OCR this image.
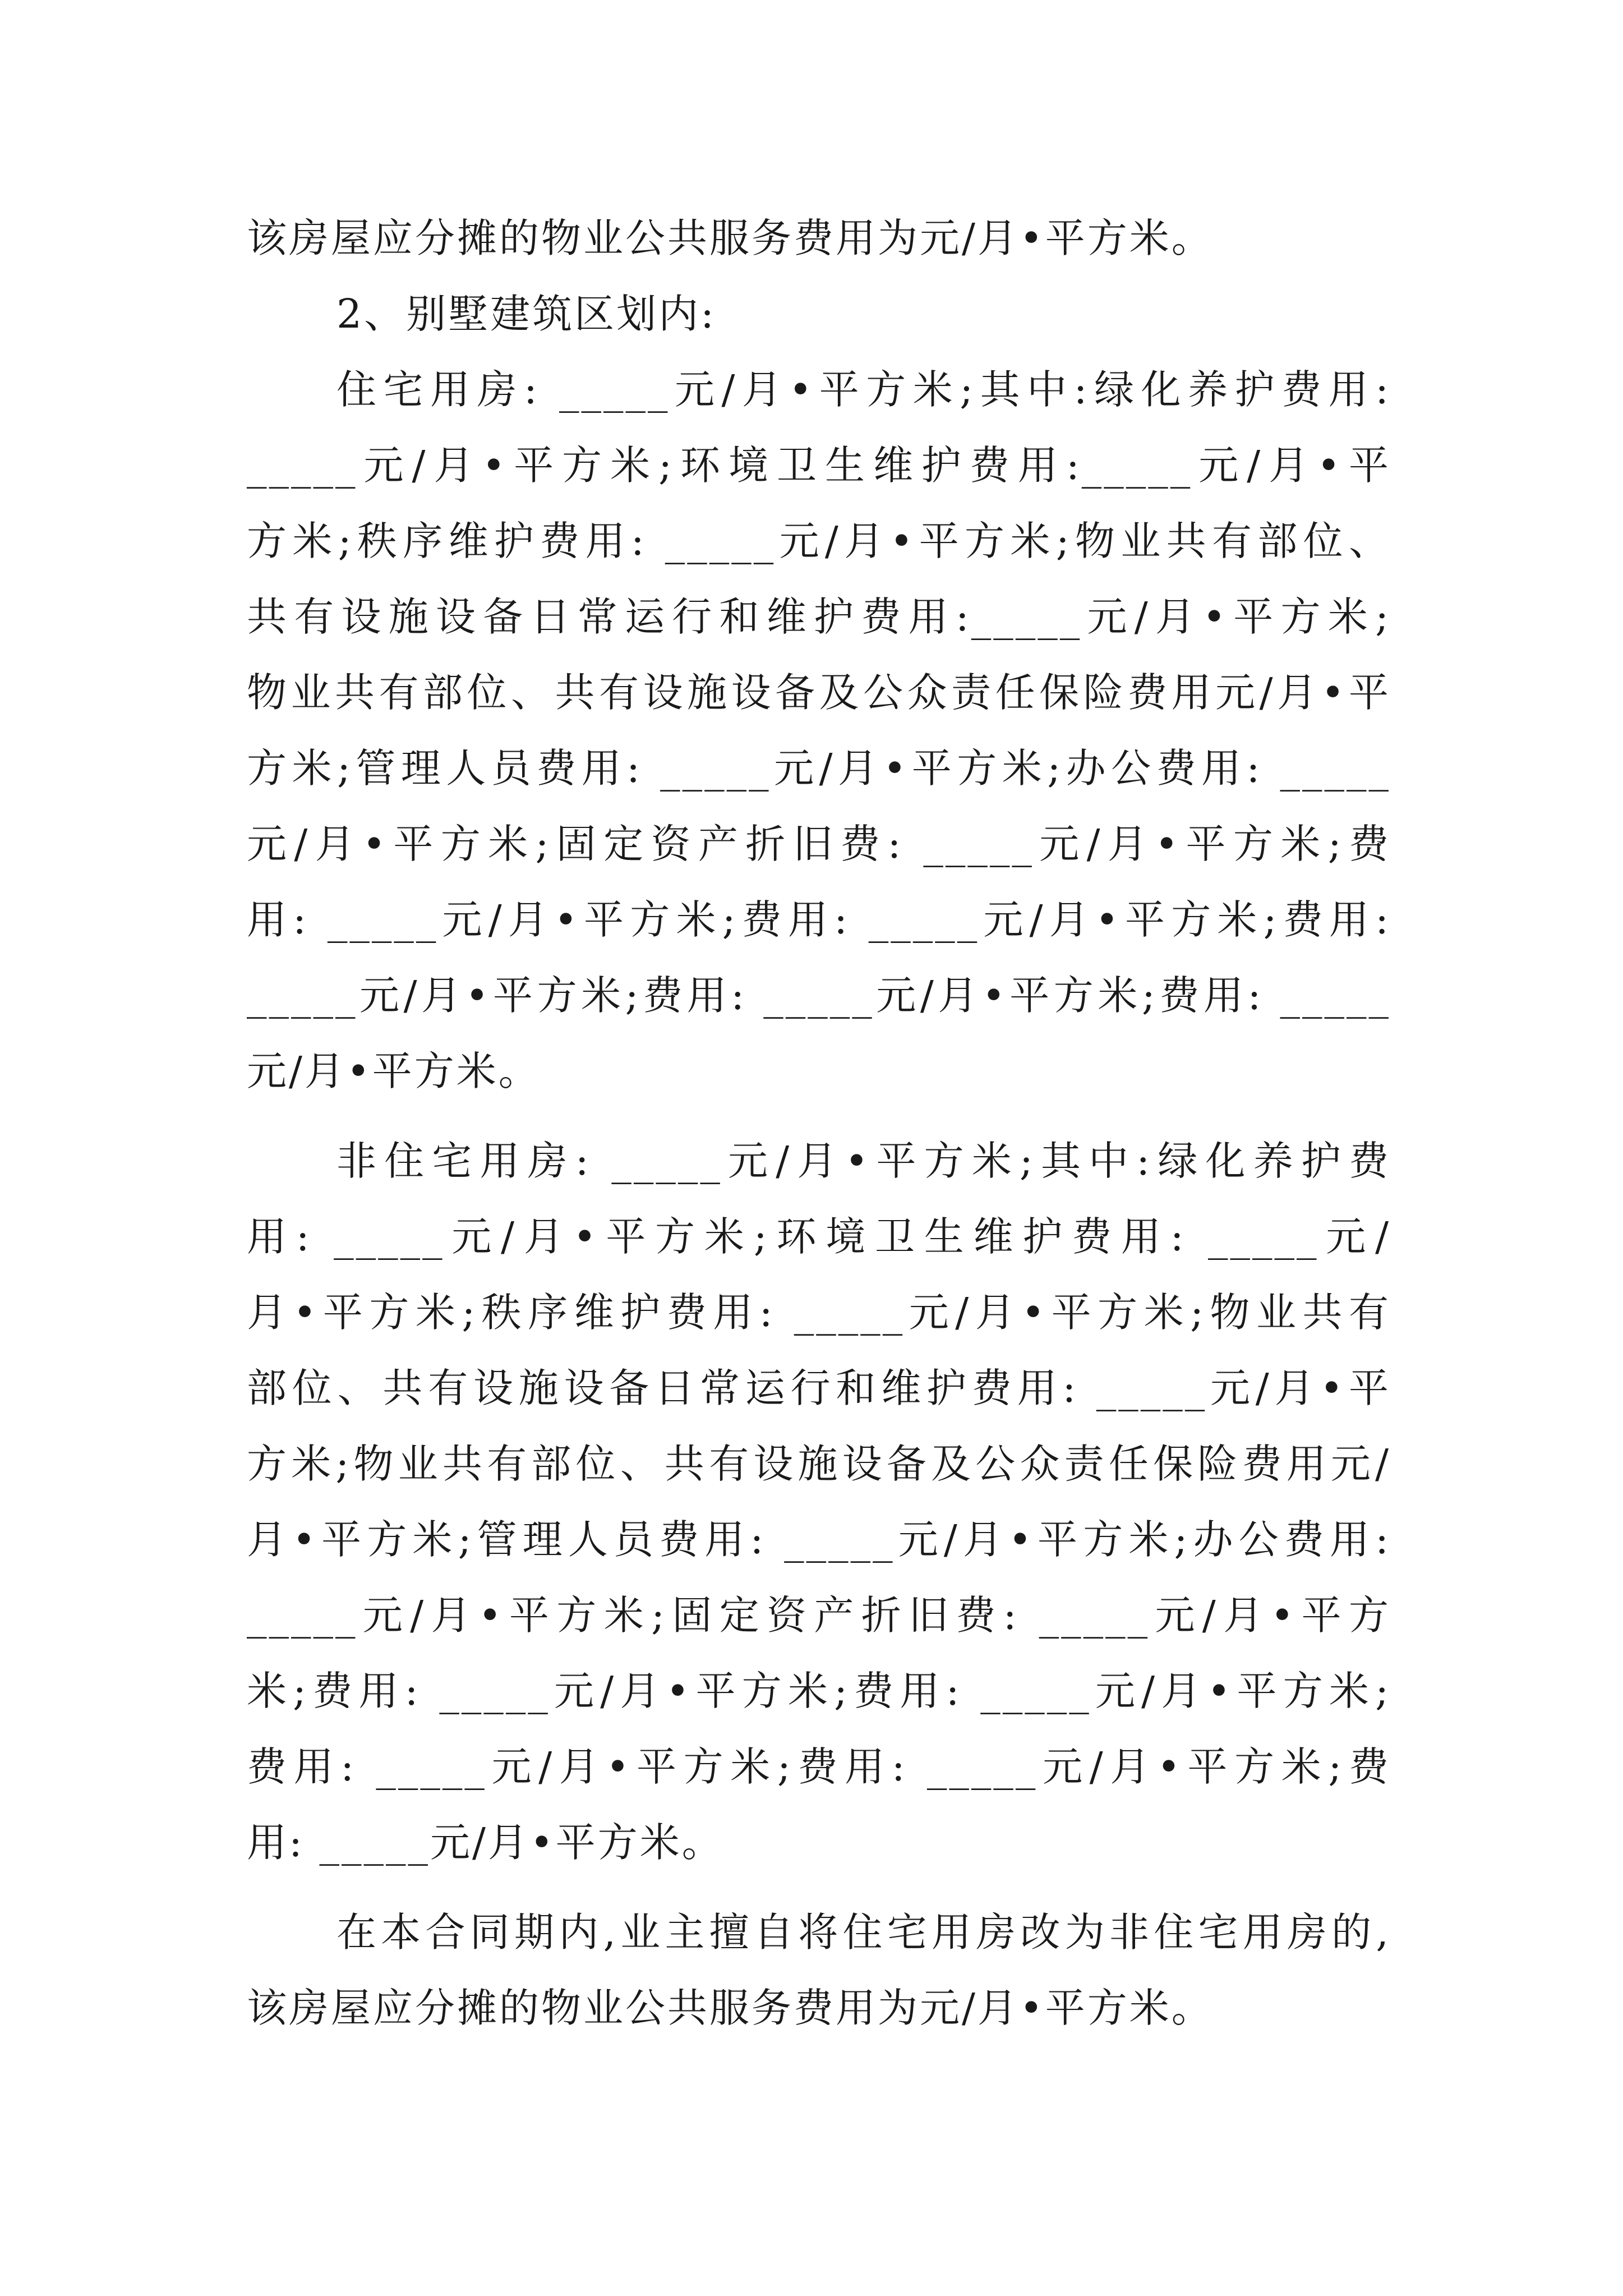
该房屋应分摊的物业公共服务费用为元/月•平方米。
2、别墅建筑区划内:
住宅用房: _____元/月•平方米;其中:绿化养护费用:
_____元/月•平方米;环境卫生维护费用:_____元/月•平
方米;秩序维护费用: _____元/月•平方米;物业共有部位、
共有设施设备日常运行和维护费用:_____元/月•平方米;
物业共有部位、共有设施设备及公众责任保险费用元/月•平
方米;管理人员费用: _____元/月•平方米;办公费用: _____
元/月•平方米;固定资产折旧费: _____元/月•平方米;费
用: _____元/月•平方米;费用: _____元/月•平方米;费用:
_____元/月•平方米;费用: _____元/月•平方米;费用: _____
元/月•平方米。
非住宅用房: _____元/月•平方米;其中:绿化养护费
用: _____元/月•平方米;环境卫生维护费用: _____元/
月•平方米;秩序维护费用: _____元/月•平方米;物业共有
部位、共有设施设备日常运行和维护费用: _____元/月•平
方米;物业共有部位、共有设施设备及公众责任保险费用元/
月•平方米;管理人员费用: _____元/月•平方米;办公费用:
_____元/月•平方米;固定资产折旧费: _____元/月•平方
米;费用: _____元/月•平方米;费用: _____元/月•平方米;
费用: _____元/月•平方米;费用: _____元/月•平方米;费
用: _____元/月•平方米。
在本合同期内,业主擅自将住宅用房改为非住宅用房的,
该房屋应分摊的物业公共服务费用为元/月•平方米。
